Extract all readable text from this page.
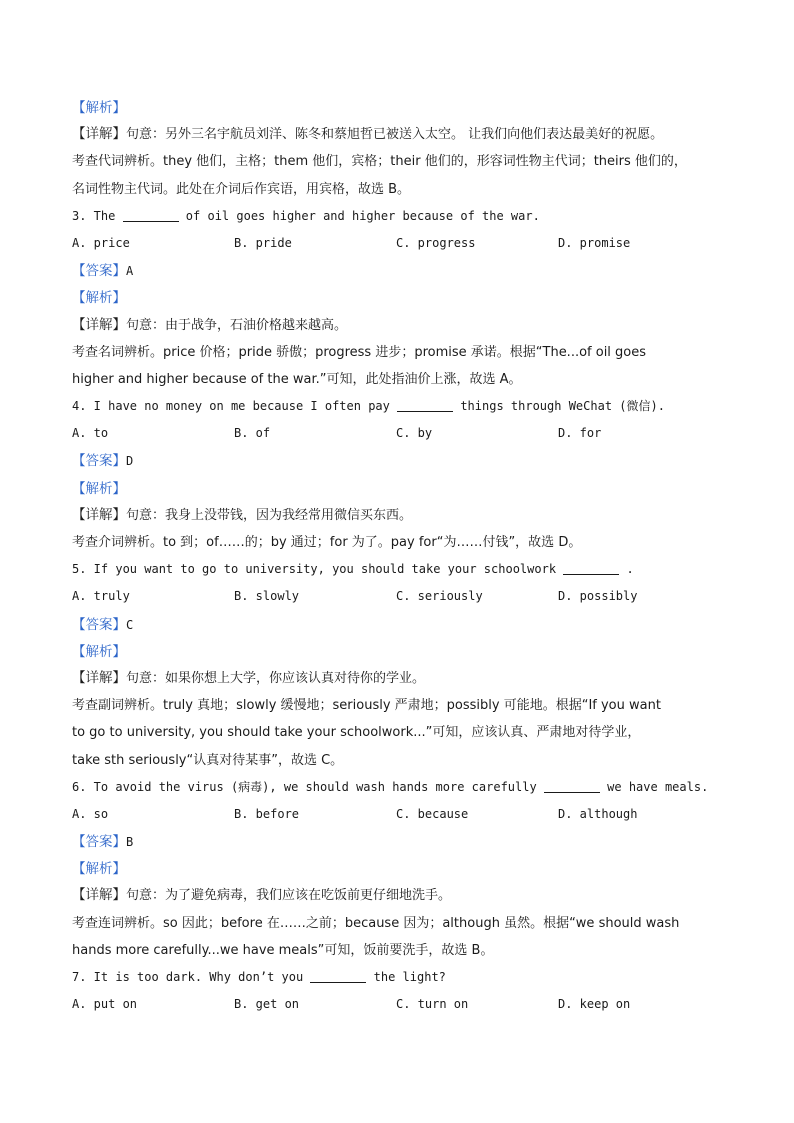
【解析】
【详解】句意：另外三名宇航员刘洋、陈冬和蔡旭哲已被送入太空。 让我们向他们表达最美好的祝愿。
考查代词辨析。they 他们，主格；them 他们，宾格；their 他们的，形容词性物主代词；theirs 他们的，
名词性物主代词。此处在介词后作宾语，用宾格，故选 B。
3. The	of oil goes higher and higher because of the war.
A. price	B. pride	C. progress	D. promise
【答案】A
【解析】
【详解】句意：由于战争，石油价格越来越高。
考查名词辨析。price 价格；pride 骄傲；progress 进步；promise 承诺。根据“The...of oil goes
higher and higher because of the war.”可知，此处指油价上涨，故选 A。
4. I have no money on me because I often pay	things through WeChat (微信).
A. to	B. of	C. by	D. for
【答案】D
【解析】
【详解】句意：我身上没带钱，因为我经常用微信买东西。
考查介词辨析。to 到；of……的；by 通过；for 为了。pay for“为……付钱”，故选 D。
5. If you want to go to university, you should take your schoolwork	.
A. truly	B. slowly	C. seriously	D. possibly
【答案】C
【解析】
【详解】句意：如果你想上大学，你应该认真对待你的学业。
考查副词辨析。truly 真地；slowly 缓慢地；seriously 严肃地；possibly 可能地。根据“If you want
to go to university, you should take your schoolwork...”可知，应该认真、严肃地对待学业，
take sth seriously“认真对待某事”，故选 C。
6. To avoid the virus (病毒), we should wash hands more carefully	we have meals.
A. so	B. before	C. because	D. although
【答案】B
【解析】
【详解】句意：为了避免病毒，我们应该在吃饭前更仔细地洗手。
考查连词辨析。so 因此；before 在……之前；because 因为；although 虽然。根据“we should wash
hands more carefully...we have meals”可知，饭前要洗手，故选 B。
7. It is too dark. Why don’t you	the light?
A. put on	B. get on	C. turn on	D. keep on
